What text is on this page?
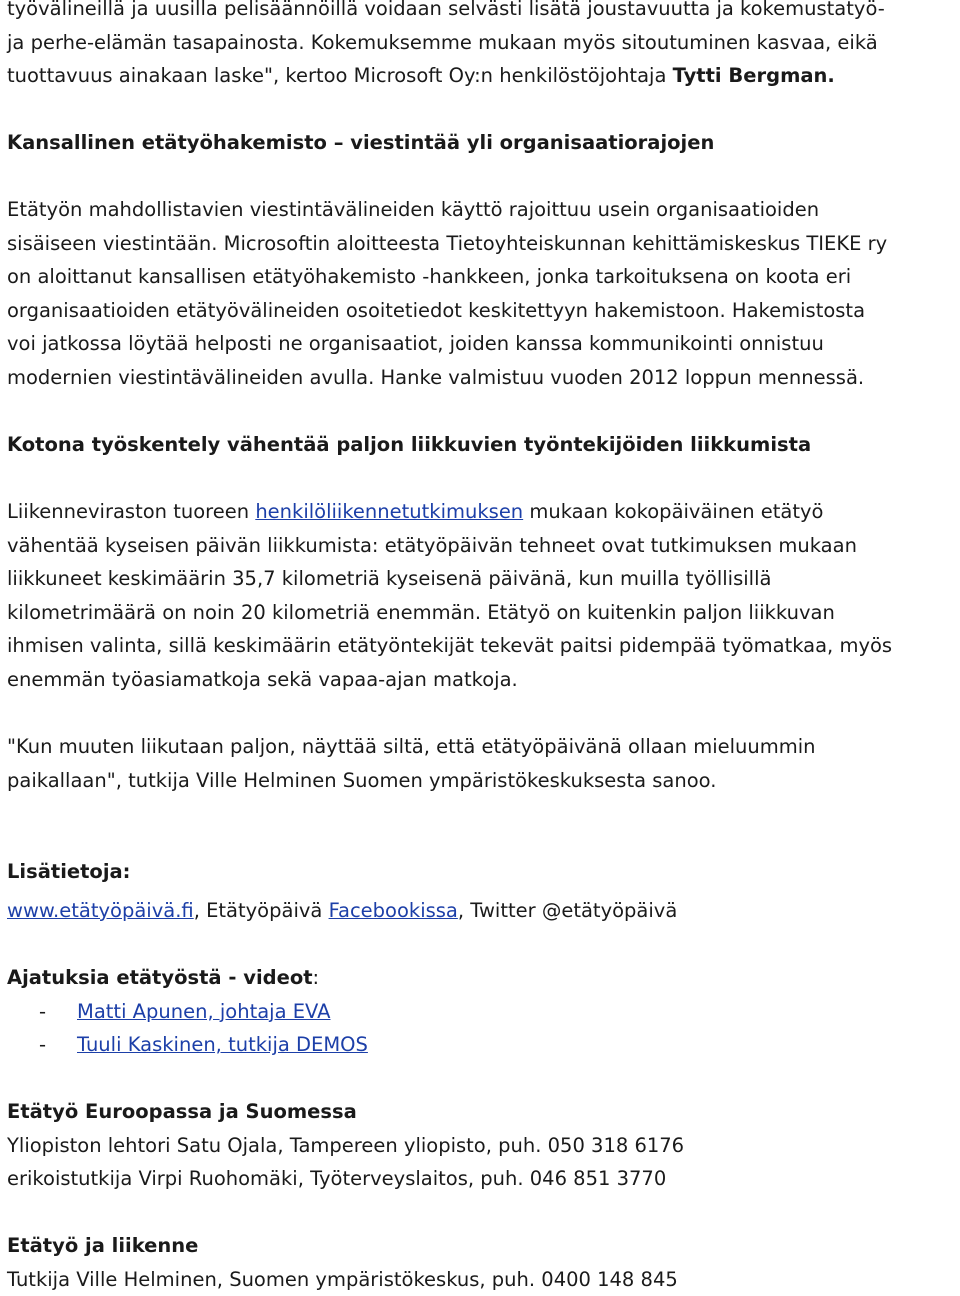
työvälineillä ja uusilla pelisäännöillä voidaan selvästi lisätä joustavuutta ja kokemustatyö-

ja perhe-elämän tasapainosta. Kokemuksemme mukaan myös sitoutuminen kasvaa, eikä

tuottavuus ainakaan laske", kertoo Microsoft Oy:n henkilöstöjohtaja Tytti Bergman.

Kansallinen etätyöhakemisto – viestintää yli organisaatiorajojen

Etätyön mahdollistavien viestintävälineiden käyttö rajoittuu usein organisaatioiden

sisäiseen viestintään. Microsoftin aloitteesta Tietoyhteiskunnan kehittämiskeskus TIEKE ry

on aloittanut kansallisen etätyöhakemisto -hankkeen, jonka tarkoituksena on koota eri

organisaatioiden etätyövälineiden osoitetiedot keskitettyyn hakemistoon. Hakemistosta

voi jatkossa löytää helposti ne organisaatiot, joiden kanssa kommunikointi onnistuu

modernien viestintävälineiden avulla. Hanke valmistuu vuoden 2012 loppun mennessä.

Kotona työskentely vähentää paljon liikkuvien työntekijöiden liikkumista

Liikenneviraston tuoreen henkilöliikennetutkimuksen mukaan kokopäiväinen etätyö

vähentää kyseisen päivän liikkumista: etätyöpäivän tehneet ovat tutkimuksen mukaan

liikkuneet keskimäärin 35,7 kilometriä kyseisenä päivänä, kun muilla työllisillä

kilometrimäärä on noin 20 kilometriä enemmän. Etätyö on kuitenkin paljon liikkuvan

ihmisen valinta, sillä keskimäärin etätyöntekijät tekevät paitsi pidempää työmatkaa, myös

enemmän työasiamatkoja sekä vapaa-ajan matkoja.

"Kun muuten liikutaan paljon, näyttää siltä, että etätyöpäivänä ollaan mieluummin

paikallaan", tutkija Ville Helminen Suomen ympäristökeskuksesta sanoo.

Lisätietoja:

www.etätyöpäivä.fi, Etätyöpäivä Facebookissa, Twitter @etätyöpäivä

Ajatuksia etätyöstä - videot:

-	Matti Apunen, johtaja EVA
-	Tuuli Kaskinen, tutkija DEMOS

Etätyö Euroopassa ja Suomessa

Yliopiston lehtori Satu Ojala, Tampereen yliopisto, puh. 050 318 6176

erikoistutkija Virpi Ruohomäki, Työterveyslaitos, puh. 046 851 3770

Etätyö ja liikenne

Tutkija Ville Helminen, Suomen ympäristökeskus, puh. 0400 148 845
